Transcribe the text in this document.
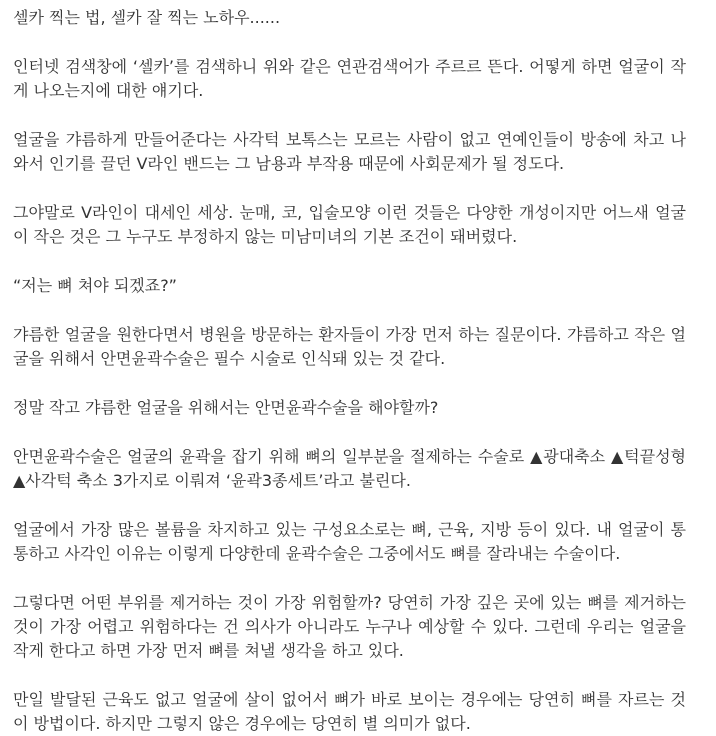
셀카 찍는 법, 셀카 잘 찍는 노하우......

인터넷 검색창에 ‘셀카’를 검색하니 위와 같은 연관검색어가 주르르 뜬다. 어떻게 하면 얼굴이 작게 나오는지에 대한 얘기다.

얼굴을 갸름하게 만들어준다는 사각턱 보톡스는 모르는 사람이 없고 연예인들이 방송에 차고 나와서 인기를 끌던 V라인 밴드는 그 남용과 부작용 때문에 사회문제가 될 정도다.

그야말로 V라인이 대세인 세상. 눈매, 코, 입술모양 이런 것들은 다양한 개성이지만 어느새 얼굴이 작은 것은 그 누구도 부정하지 않는 미남미녀의 기본 조건이 돼버렸다.

“저는 뼈 쳐야 되겠죠?”

갸름한 얼굴을 원한다면서 병원을 방문하는 환자들이 가장 먼저 하는 질문이다. 갸름하고 작은 얼굴을 위해서 안면윤곽수술은 필수 시술로 인식돼 있는 것 같다.

정말 작고 갸름한 얼굴을 위해서는 안면윤곽수술을 해야할까?

안면윤곽수술은 얼굴의 윤곽을 잡기 위해 뼈의 일부분을 절제하는 수술로 ▲광대축소 ▲턱끝성형 ▲사각턱 축소 3가지로 이뤄져 ‘윤곽3종세트’라고 불린다.

얼굴에서 가장 많은 볼륨을 차지하고 있는 구성요소로는 뼈, 근육, 지방 등이 있다. 내 얼굴이 통통하고 사각인 이유는 이렇게 다양한데 윤곽수술은 그중에서도 뼈를 잘라내는 수술이다.

그렇다면 어떤 부위를 제거하는 것이 가장 위험할까? 당연히 가장 깊은 곳에 있는 뼈를 제거하는 것이 가장 어렵고 위험하다는 건 의사가 아니라도 누구나 예상할 수 있다. 그런데 우리는 얼굴을 작게 한다고 하면 가장 먼저 뼈를 쳐낼 생각을 하고 있다.

만일 발달된 근육도 없고 얼굴에 살이 없어서 뼈가 바로 보이는 경우에는 당연히 뼈를 자르는 것이 방법이다. 하지만 그렇지 않은 경우에는 당연히 별 의미가 없다.
